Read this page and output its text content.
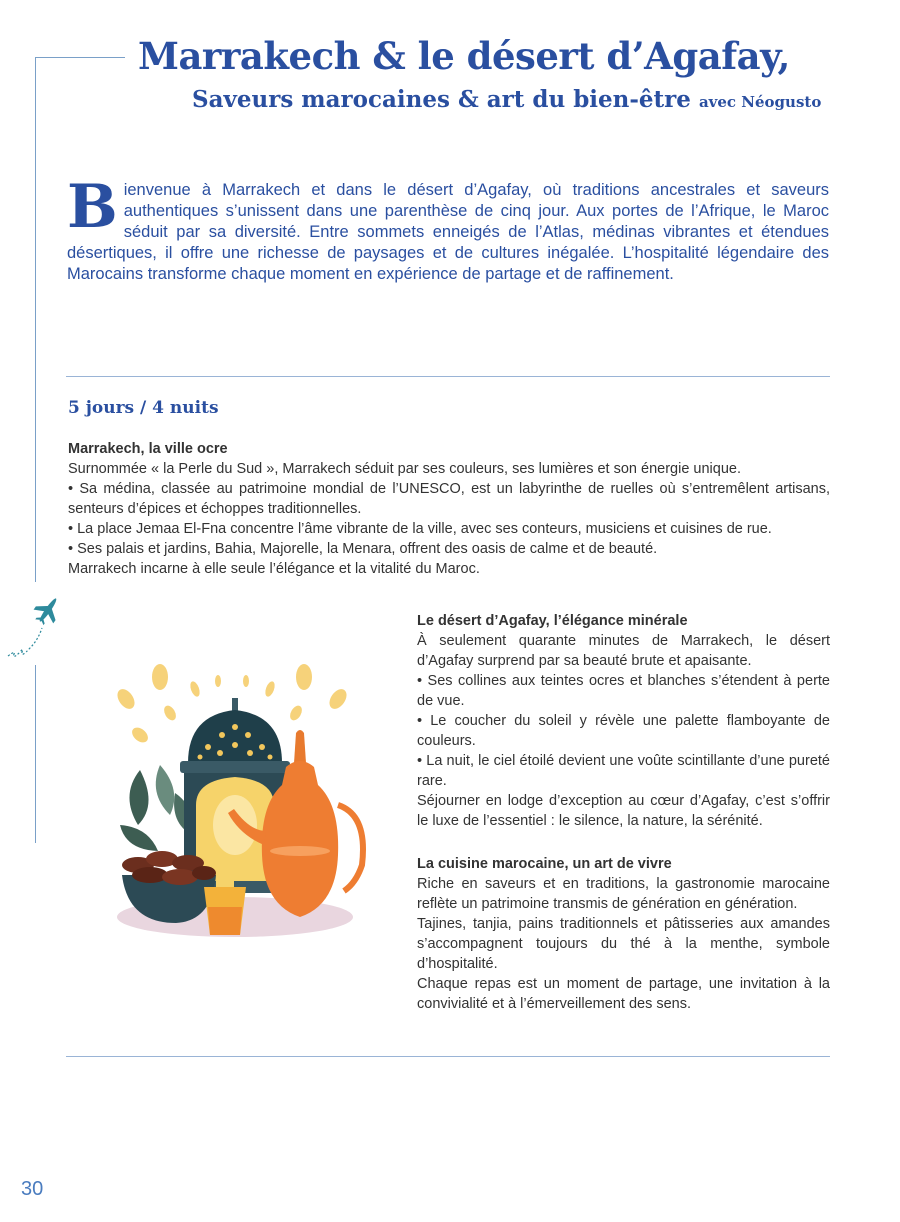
Marrakech & le désert d’Agafay,
Saveurs marocaines & art du bien-être avec Néogusto

Bienvenue à Marrakech et dans le désert d’Agafay, où traditions ancestrales et saveurs authentiques s’unissent dans une parenthèse de cinq jour. Aux portes de l’Afrique, le Maroc séduit par sa diversité. Entre sommets enneigés de l’Atlas, médinas vibrantes et étendues désertiques, il offre une richesse de paysages et de cultures inégalée. L’hospitalité légendaire des Marocains transforme chaque moment en expérience de partage et de raffinement.

5 jours / 4 nuits
Marrakech, la ville ocre

Surnommée « la Perle du Sud », Marrakech séduit par ses couleurs, ses lumières et son énergie unique.

• Sa médina, classée au patrimoine mondial de l’UNESCO, est un labyrinthe de ruelles où s’entremêlent artisans, senteurs d’épices et échoppes traditionnelles.

• La place Jemaa El-Fna concentre l’âme vibrante de la ville, avec ses conteurs, musiciens et cuisines de rue.

• Ses palais et jardins, Bahia, Majorelle, la Menara, offrent des oasis de calme et de beauté.

Marrakech incarne à elle seule l’élégance et la vitalité du Maroc.

Le désert d’Agafay, l’élégance minérale

À seulement quarante minutes de Marrakech, le désert d’Agafay surprend par sa beauté brute et apaisante.

• Ses collines aux teintes ocres et blanches s’étendent à perte de vue.

• Le coucher du soleil y révèle une palette flamboyante de couleurs.

• La nuit, le ciel étoilé devient une voûte scintillante d’une pureté rare.

Séjourner en lodge d’exception au cœur d’Agafay, c’est s’offrir le luxe de l’essentiel : le silence, la nature, la sérénité.

La cuisine marocaine, un art de vivre

Riche en saveurs et en traditions, la gastronomie marocaine reflète un patrimoine transmis de génération en génération.

Tajines, tanjia, pains traditionnels et pâtisseries aux amandes s’accompagnent toujours du thé à la menthe, symbole d’hospitalité.

Chaque repas est un moment de partage, une invitation à la convivialité et à l’émerveillement des sens.

30
